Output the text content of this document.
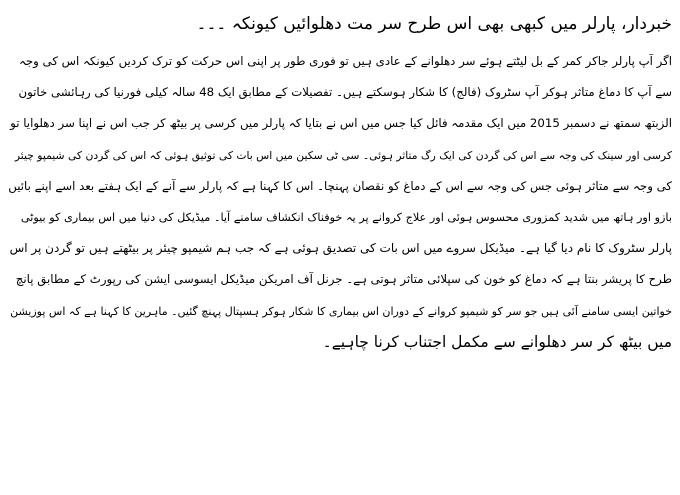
خبردار، پارلر میں کبھی بھی اس طرح سر مت دھلوائیں کیونکہ ۔۔۔

اگر آپ پارلر جاکر کمر کے بل لیٹتے ہوئے سر دھلوانے کے عادی ہیں تو فوری طور پر اپنی اس حرکت کو ترک کردیں کیونکہ اس کی وجہ

سے آپ کا دماغ متاثر ہوکر آپ سٹروک (فالج) کا شکار ہوسکتے ہیں۔ تفصیلات کے مطابق ایک 48 سالہ کیلی فورنیا کی رہائشی خاتون

الزبتھ سمتھ نے دسمبر 2015 میں ایک مقدمہ فائل کیا جس میں اس نے بتایا کہ پارلر میں کرسی پر بیٹھ کر جب اس نے اپنا سر دھلوایا تو

کرسی اور سینک کی وجہ سے اس کی گردن کی ایک رگ متاثر ہوئی۔ سی ٹی سکین میں اس بات کی توثیق ہوئی کہ اس کی گردن کی شیمپو چیئر

کی وجہ سے متاثر ہوئی جس کی وجہ سے اس کے دماغ کو نقصان پہنچا۔ اس کا کہنا ہے کہ پارلر سے آنے کے ایک ہفتے بعد اسے اپنے بائیں

بازو اور ہاتھ میں شدید کمزوری محسوس ہوئی اور علاج کروانے پر یہ خوفناک انکشاف سامنے آیا۔ میڈیکل کی دنیا میں اس بیماری کو بیوٹی

پارلر سٹروک کا نام دیا گیا ہے۔ میڈیکل سروے میں اس بات کی تصدیق ہوئی ہے کہ جب ہم شیمپو چیئر پر بیٹھتے ہیں تو گردن پر اس

طرح کا پریشر بنتا ہے کہ دماغ کو خون کی سپلائی متاثر ہوتی ہے۔ جرنل آف امریکن میڈیکل ایسوسی ایشن کی رپورٹ کے مطابق پانچ

خواتین ایسی سامنے آئی ہیں جو سر کو شیمپو کروانے کے دوران اس بیماری کا شکار ہوکر ہسپتال پہنچ گئیں۔ ماہرین کا کہنا ہے کہ اس پوزیشن

میں بیٹھ کر سر دھلوانے سے مکمل اجتناب کرنا چاہیے۔
